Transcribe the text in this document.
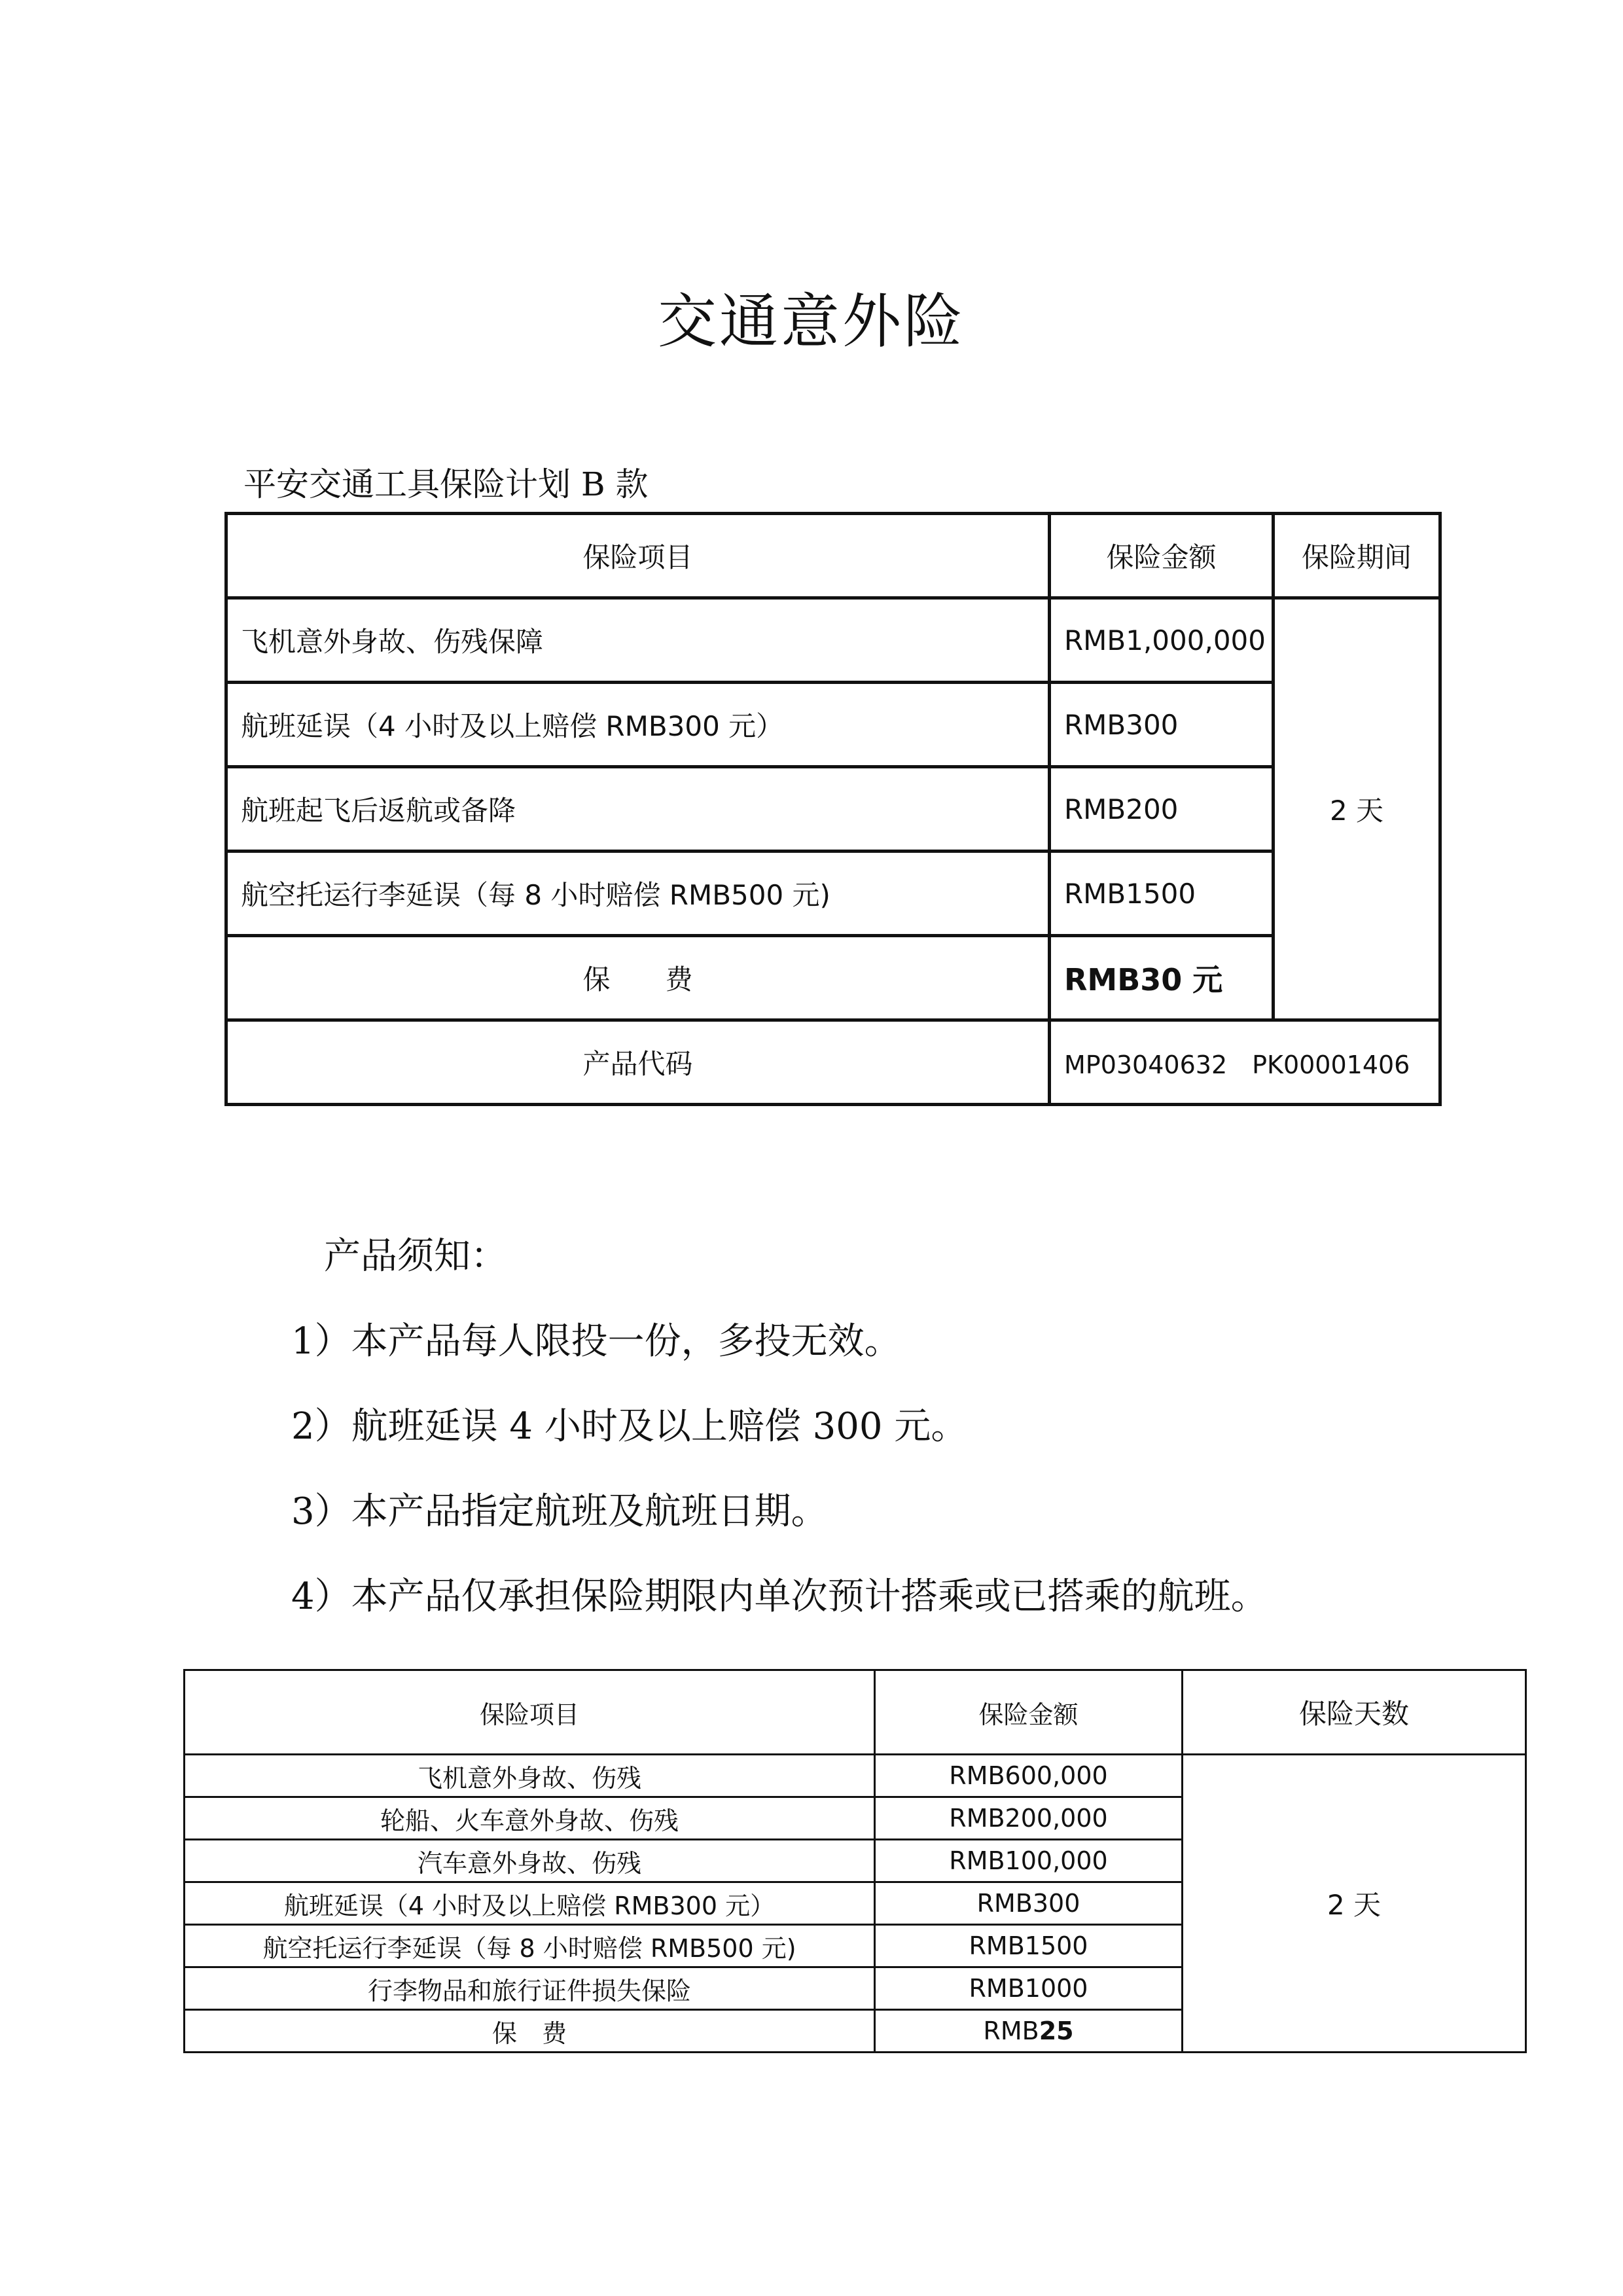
交通意外险
平安交通工具保险计划 B 款
保险项目	保险金额	保险期间
飞机意外身故、伤残保障	RMB1,000,000	2 天
航班延误（4 小时及以上赔偿 RMB300 元）	RMB300	
航班起飞后返航或备降	RMB200	
航空托运行李延误（每 8 小时赔偿 RMB500 元)	RMB1500	
保　　费	RMB30 元	
产品代码	MP03040632　PK00001406	
产品须知：
1）本产品每人限投一份，多投无效。
2）航班延误 4 小时及以上赔偿 300 元。
3）本产品指定航班及航班日期。
4）本产品仅承担保险期限内单次预计搭乘或已搭乘的航班。
保险项目	保险金额	保险天数
飞机意外身故、伤残	RMB600,000	2 天
轮船、火车意外身故、伤残	RMB200,000	
汽车意外身故、伤残	RMB100,000	
航班延误（4 小时及以上赔偿 RMB300 元）	RMB300	
航空托运行李延误（每 8 小时赔偿 RMB500 元)	RMB1500	
行李物品和旅行证件损失保险	RMB1000	
保　费	RMB25	
